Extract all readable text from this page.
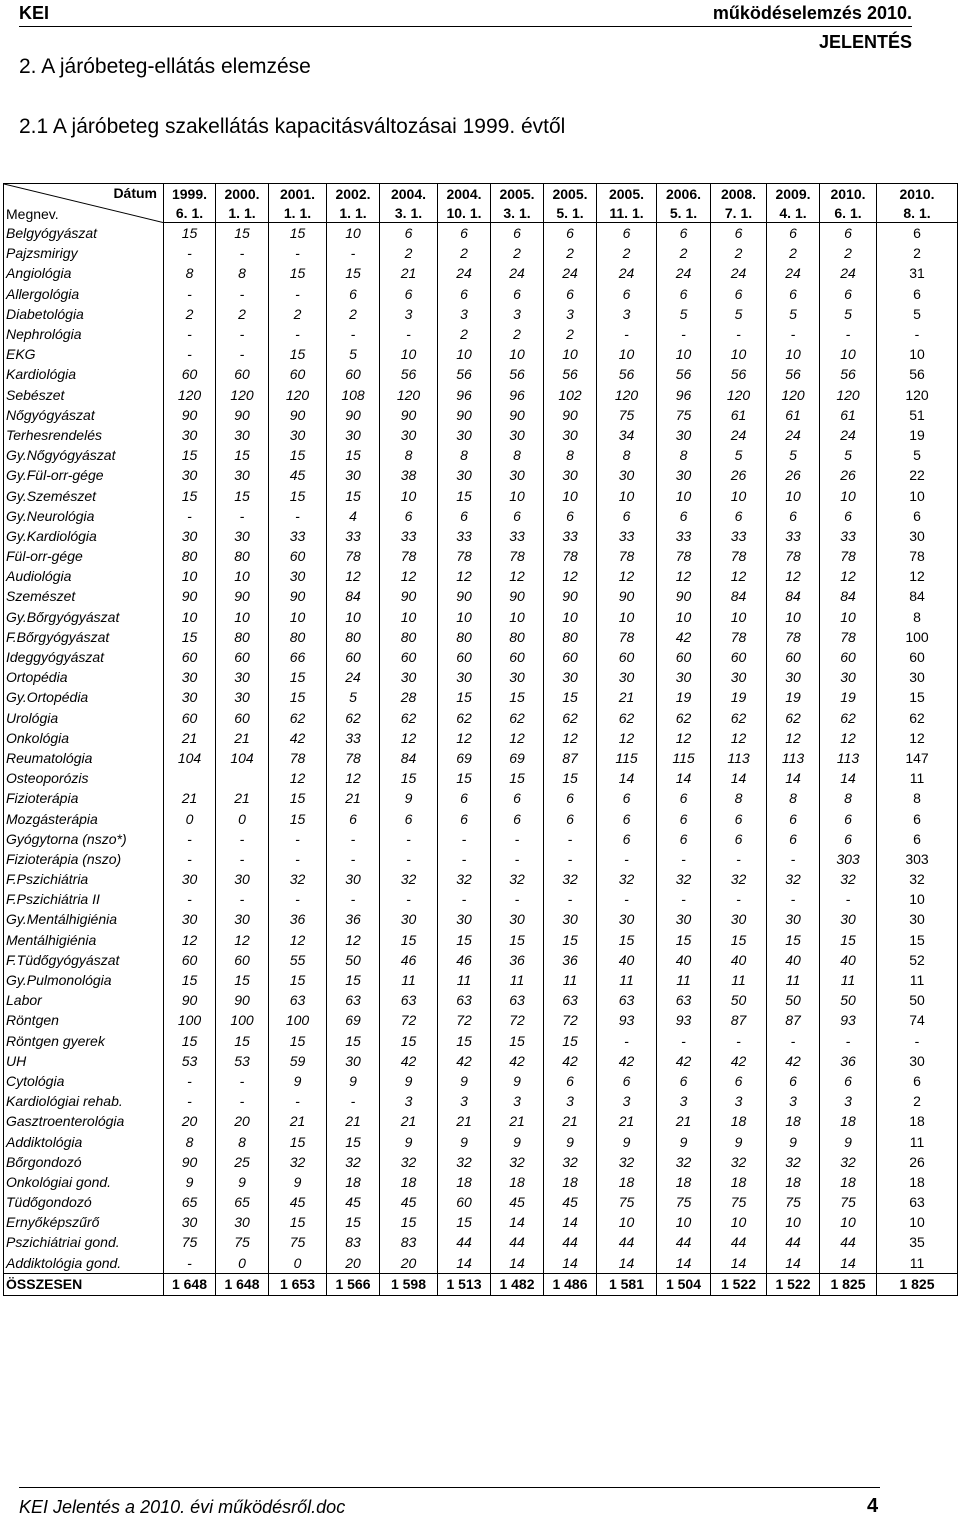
KEI	működéselemzés 2010.
JELENTÉS
2. A járóbeteg-ellátás elemzése
2.1 A járóbeteg szakellátás kapacitásváltozásai 1999. évtől
Dátum
Megnev.	1999.	2000.	2001.	2002.	2004.	2004.	2005.	2005.	2005.	2006.	2008.	2009.	2010.	2010.
	6. 1.	1. 1.	1. 1.	1. 1.	3. 1.	10. 1.	3. 1.	5. 1.	11. 1.	5. 1.	7. 1.	4. 1.	6. 1.	8. 1.
Belgyógyászat	15	15	15	10	6	6	6	6	6	6	6	6	6	6
Pajzsmirigy	-	-	-	-	2	2	2	2	2	2	2	2	2	2
Angiológia	8	8	15	15	21	24	24	24	24	24	24	24	24	31
Allergológia	-	-	-	6	6	6	6	6	6	6	6	6	6	6
Diabetológia	2	2	2	2	3	3	3	3	3	5	5	5	5	5
Nephrológia	-	-	-	-	-	2	2	2	-	-	-	-	-	-
EKG	-	-	15	5	10	10	10	10	10	10	10	10	10	10
Kardiológia	60	60	60	60	56	56	56	56	56	56	56	56	56	56
Sebészet	120	120	120	108	120	96	96	102	120	96	120	120	120	120
Nőgyógyászat	90	90	90	90	90	90	90	90	75	75	61	61	61	51
Terhesrendelés	30	30	30	30	30	30	30	30	34	30	24	24	24	19
Gy.Nőgyógyászat	15	15	15	15	8	8	8	8	8	8	5	5	5	5
Gy.Fül-orr-gége	30	30	45	30	38	30	30	30	30	30	26	26	26	22
Gy.Szemészet	15	15	15	15	10	15	10	10	10	10	10	10	10	10
Gy.Neurológia	-	-	-	4	6	6	6	6	6	6	6	6	6	6
Gy.Kardiológia	30	30	33	33	33	33	33	33	33	33	33	33	33	30
Fül-orr-gége	80	80	60	78	78	78	78	78	78	78	78	78	78	78
Audiológia	10	10	30	12	12	12	12	12	12	12	12	12	12	12
Szemészet	90	90	90	84	90	90	90	90	90	90	84	84	84	84
Gy.Bőrgyógyászat	10	10	10	10	10	10	10	10	10	10	10	10	10	8
F.Bőrgyógyászat	15	80	80	80	80	80	80	80	78	42	78	78	78	100
Ideggyógyászat	60	60	66	60	60	60	60	60	60	60	60	60	60	60
Ortopédia	30	30	15	24	30	30	30	30	30	30	30	30	30	30
Gy.Ortopédia	30	30	15	5	28	15	15	15	21	19	19	19	19	15
Urológia	60	60	62	62	62	62	62	62	62	62	62	62	62	62
Onkológia	21	21	42	33	12	12	12	12	12	12	12	12	12	12
Reumatológia	104	104	78	78	84	69	69	87	115	115	113	113	113	147
Osteoporózis			12	12	15	15	15	15	14	14	14	14	14	11
Fizioterápia	21	21	15	21	9	6	6	6	6	6	8	8	8	8
Mozgásterápia	0	0	15	6	6	6	6	6	6	6	6	6	6	6
Gyógytorna (nszo*)	-	-	-	-	-	-	-	-	6	6	6	6	6	6
Fizioterápia (nszo)	-	-	-	-	-	-	-	-	-	-	-	-	303	303
F.Pszichiátria	30	30	32	30	32	32	32	32	32	32	32	32	32	32
F.Pszichiátria II	-	-	-	-	-	-	-	-	-	-	-	-	-	10
Gy.Mentálhigiénia	30	30	36	36	30	30	30	30	30	30	30	30	30	30
Mentálhigiénia	12	12	12	12	15	15	15	15	15	15	15	15	15	15
F.Tüdőgyógyászat	60	60	55	50	46	46	36	36	40	40	40	40	40	52
Gy.Pulmonológia	15	15	15	15	11	11	11	11	11	11	11	11	11	11
Labor	90	90	63	63	63	63	63	63	63	63	50	50	50	50
Röntgen	100	100	100	69	72	72	72	72	93	93	87	87	93	74
Röntgen gyerek	15	15	15	15	15	15	15	15	-	-	-	-	-	-
UH	53	53	59	30	42	42	42	42	42	42	42	42	36	30
Cytológia	-	-	9	9	9	9	9	6	6	6	6	6	6	6
Kardiológiai rehab.	-	-	-	-	3	3	3	3	3	3	3	3	3	2
Gasztroenterológia	20	20	21	21	21	21	21	21	21	21	18	18	18	18
Addiktológia	8	8	15	15	9	9	9	9	9	9	9	9	9	11
Bőrgondozó	90	25	32	32	32	32	32	32	32	32	32	32	32	26
Onkológiai gond.	9	9	9	18	18	18	18	18	18	18	18	18	18	18
Tüdőgondozó	65	65	45	45	45	60	45	45	75	75	75	75	75	63
Ernyőképszűrő	30	30	15	15	15	15	14	14	10	10	10	10	10	10
Pszichiátriai gond.	75	75	75	83	83	44	44	44	44	44	44	44	44	35
Addiktológia gond.	-	0	0	20	20	14	14	14	14	14	14	14	14	11
ÖSSZESEN	1 648	1 648	1 653	1 566	1 598	1 513	1 482	1 486	1 581	1 504	1 522	1 522	1 825	1 825
KEI Jelentés a 2010. évi működésről.doc	4
